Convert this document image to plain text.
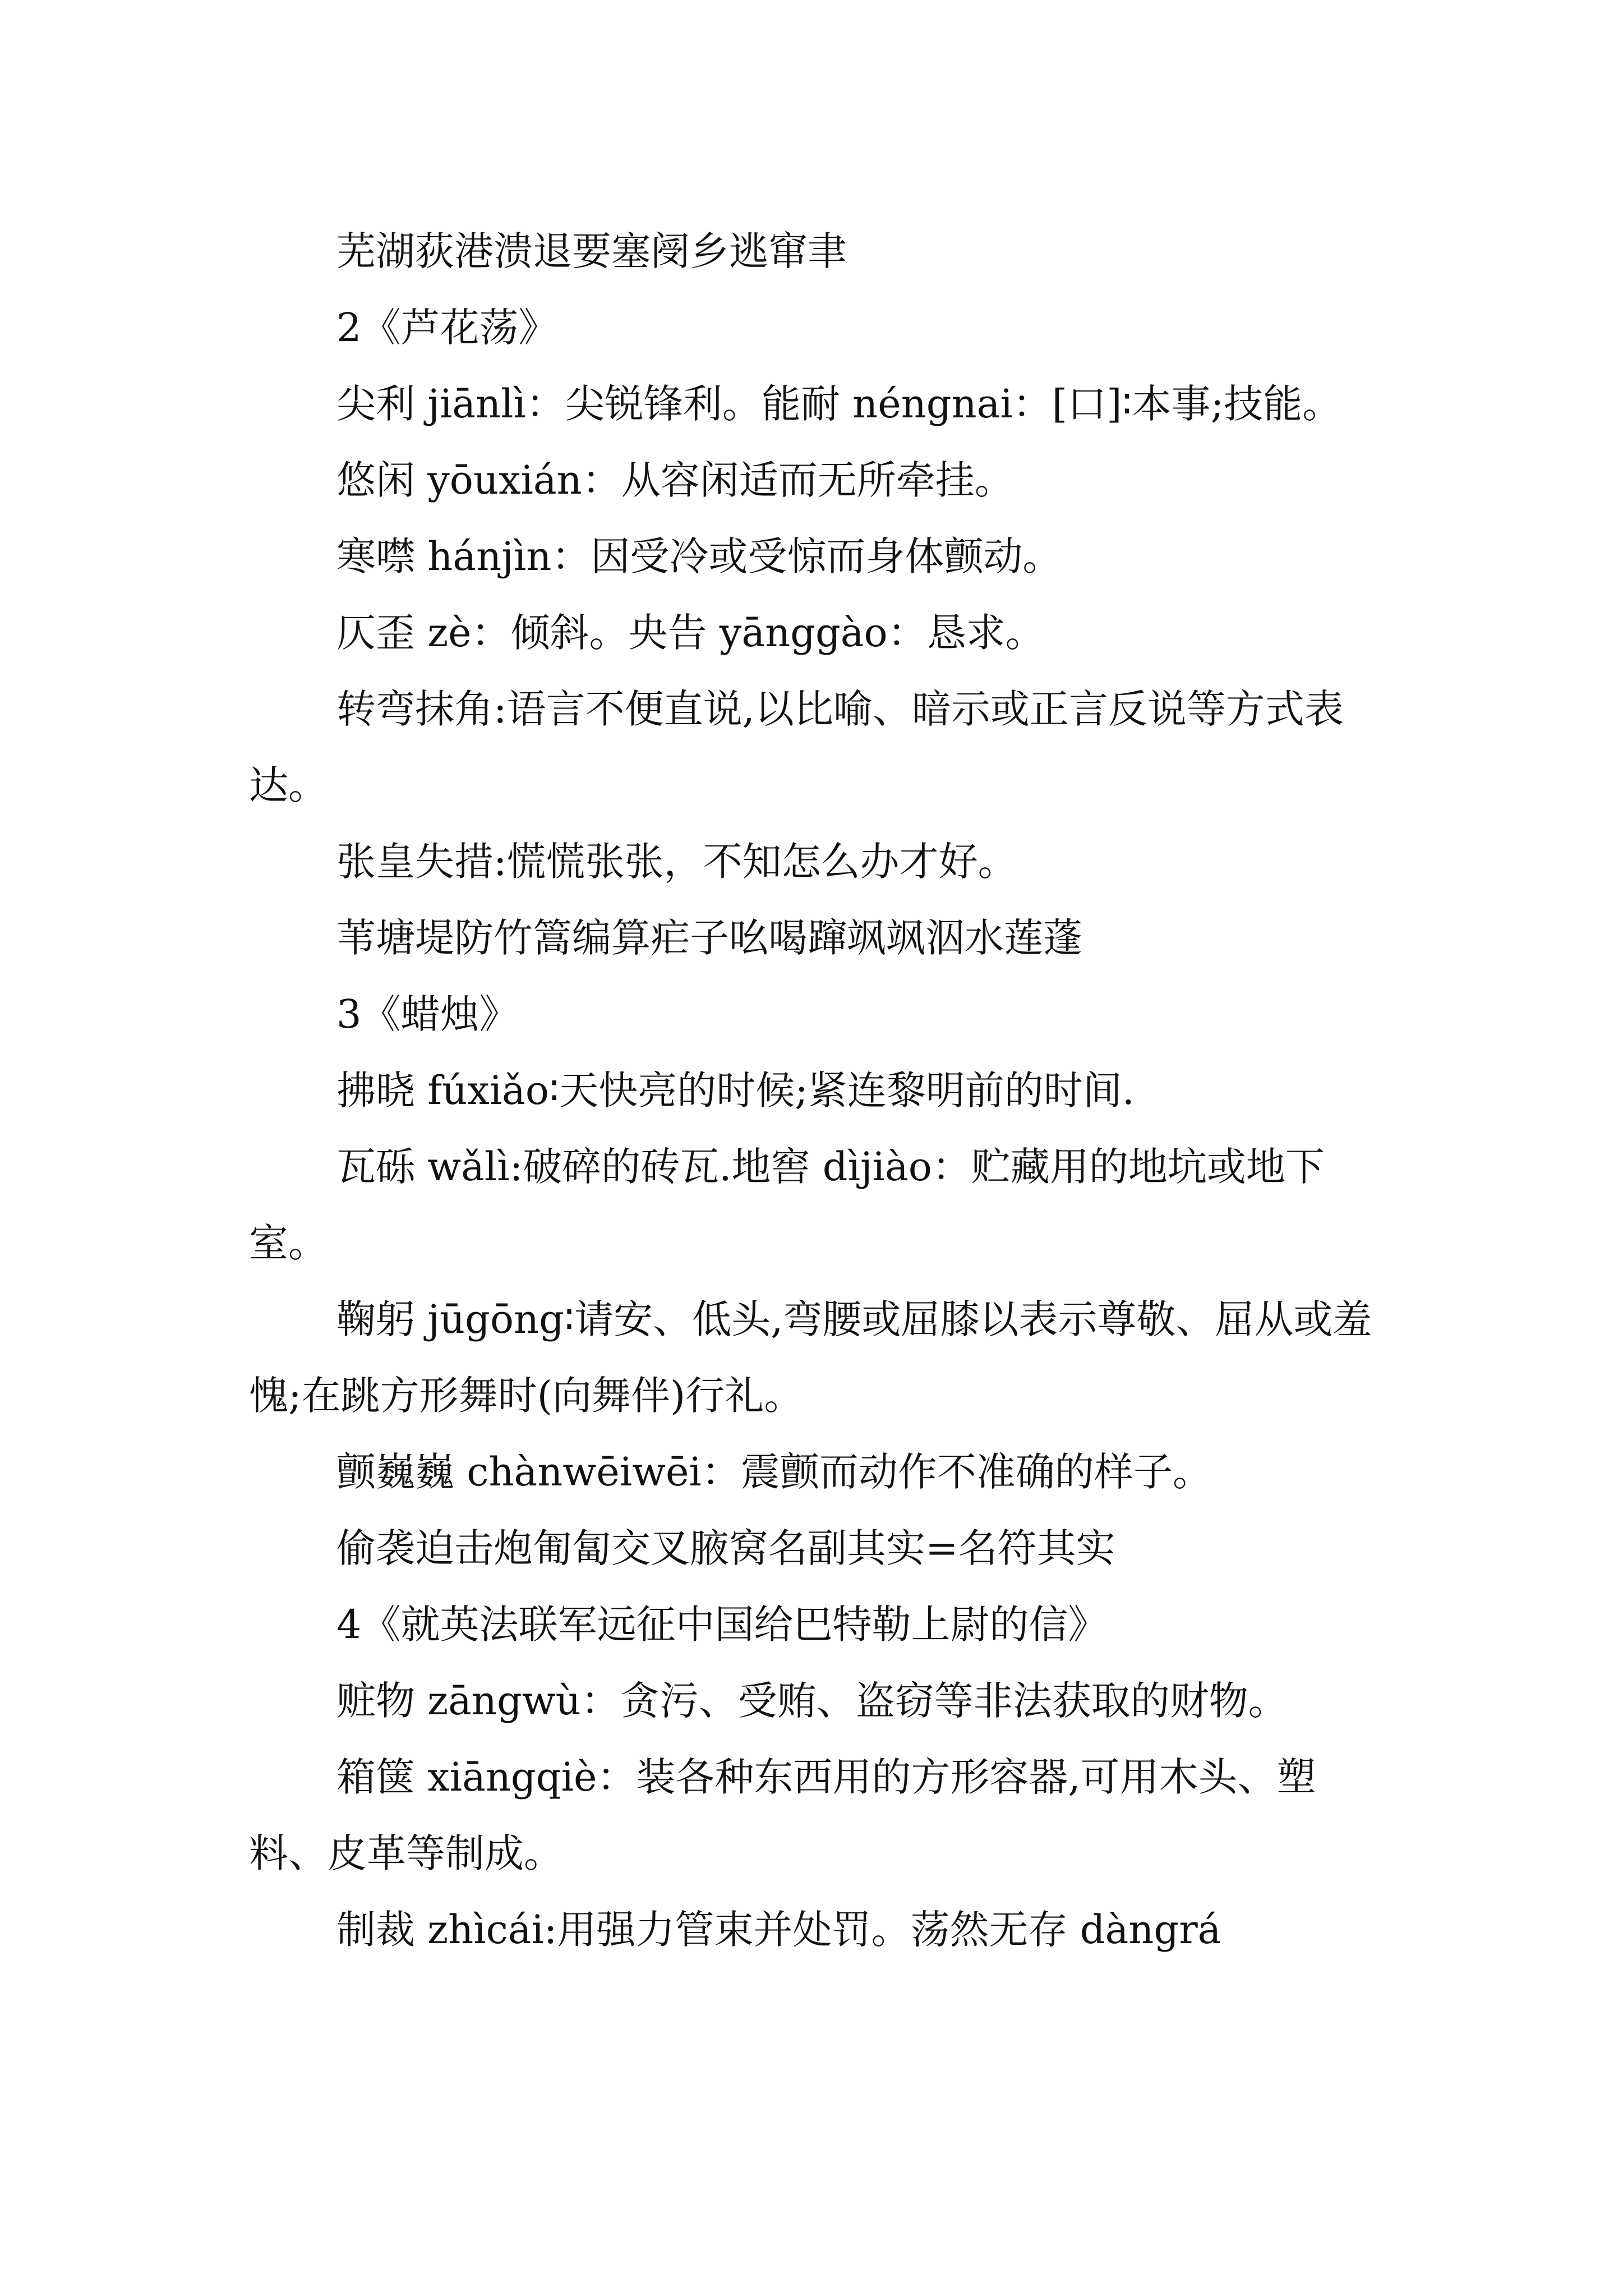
芜湖荻港溃退要塞阌乡逃窜聿

2《芦花荡》

尖利 jiānlì：尖锐锋利。能耐 néngnai：[口]∶本事;技能。

悠闲 yōuxián：从容闲适而无所牵挂。

寒噤 hánjìn：因受冷或受惊而身体颤动。

仄歪 zè：倾斜。央告 yānggào：恳求。

转弯抹角:语言不便直说,以比喻、暗示或正言反说等方式表达。

张皇失措:慌慌张张，不知怎么办才好。

苇塘堤防竹篙编算疟子吆喝蹿飒飒泅水莲蓬

3《蜡烛》

拂晓 fúxiǎo∶天快亮的时候;紧连黎明前的时间.

瓦砾 wǎlì:破碎的砖瓦.地窖 dìjiào：贮藏用的地坑或地下室。

鞠躬 jūgōng∶请安、低头,弯腰或屈膝以表示尊敬、屈从或羞愧;在跳方形舞时(向舞伴)行礼。

颤巍巍 chànwēiwēi：震颤而动作不准确的样子。

偷袭迫击炮匍匐交叉腋窝名副其实=名符其实

4《就英法联军远征中国给巴特勒上尉的信》

赃物 zāngwù：贪污、受贿、盗窃等非法获取的财物。

箱箧 xiāngqiè：装各种东西用的方形容器,可用木头、塑料、皮革等制成。

制裁 zhìcái:用强力管束并处罚。荡然无存 dàngrá
